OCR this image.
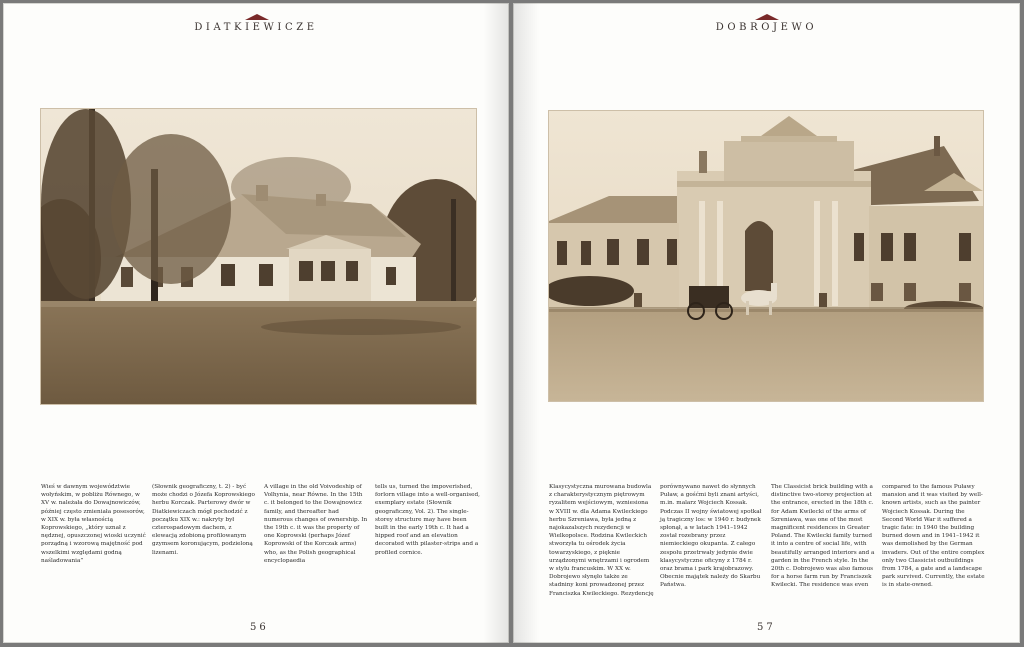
DIATKIEWICZE

Wieś w dawnym województwie wołyńskim, w pobliżu Równego, w XV w. należała do Dowajnowiczów, później często zmieniała posesorów, w XIX w. była własnością Koprowskiego, „który uznał z nędznej, opuszczonej wioski uczynić porządną i wzorową majętność pod wszelkimi względami godną naśladowania”

(Słownik geograficzny, t. 2) - być może chodzi o Józefa Koprowskiego herbu Korczak. Parterowy dwór w Diatkiewiczach mógł pochodzić z początku XIX w.: nakryty był czterospadowym dachem, z elewacją zdobioną profilowanym gzymsem koronującym, podzieloną lizenami.

A village in the old Voivodeship of Volhynia, near Równe. In the 15th c. it belonged to the Dowajnowicz family, and thereafter had numerous changes of ownership. In the 19th c. it was the property of one Koprowski (perhaps Józef Koprowski of the Korczak arms) who, as the Polish geographical encyclopaedia

tells us, turned the impoverished, forlorn village into a well-organised, exemplary estate (Słownik geograficzny, Vol. 2). The single-storey structure may have been built in the early 19th c. It had a hipped roof and an elevation decorated with pilaster-strips and a profiled cornice.

56
DOBROJEWO

Klasycystyczna murowana budowla z charakterystycznym piętrowym ryzalitem wejściowym, wzniesiona w XVIII w. dla Adama Kwileckiego herbu Szreniawa, była jedną z najokazalszych rezydencji w Wielkopolsce. Rodzina Kwileckich stworzyła tu ośrodek życia towarzyskiego, z pięknie urządzonymi wnętrzami i ogrodem w stylu francuskim. W XX w. Dobrojewo słynęło także ze stadniny koni prowadzonej przez Franciszka Kwileckiego. Rezydencję

porównywano nawet do słynnych Puław, a gośćmi byli znani artyści, m.in. malarz Wojciech Kossak. Podczas II wojny światowej spotkał ją tragiczny los: w 1940 r. budynek spłonął, a w latach 1941–1942 został rozebrany przez niemieckiego okupanta. Z całego zespołu przetrwały jedynie dwie klasycystyczne oficyny z 1784 r. oraz brama i park krajobrazowy. Obecnie majątek należy do Skarbu Państwa.

The Classicist brick building with a distinctive two-storey projection at the entrance, erected in the 18th c. for Adam Kwilecki of the arms of Szreniawa, was one of the most magnificent residences in Greater Poland. The Kwilecki family turned it into a centre of social life, with beautifully arranged interiors and a garden in the French style. In the 20th c. Dobrojewo was also famous for a horse farm run by Franciszek Kwilecki. The residence was even

compared to the famous Puławy mansion and it was visited by well-known artists, such as the painter Wojciech Kossak. During the Second World War it suffered a tragic fate: in 1940 the building burned down and in 1941–1942 it was demolished by the German invaders. Out of the entire complex only two Classicist outbuildings from 1784, a gate and a landscape park survived. Currently, the estate is in state-owned.

57
